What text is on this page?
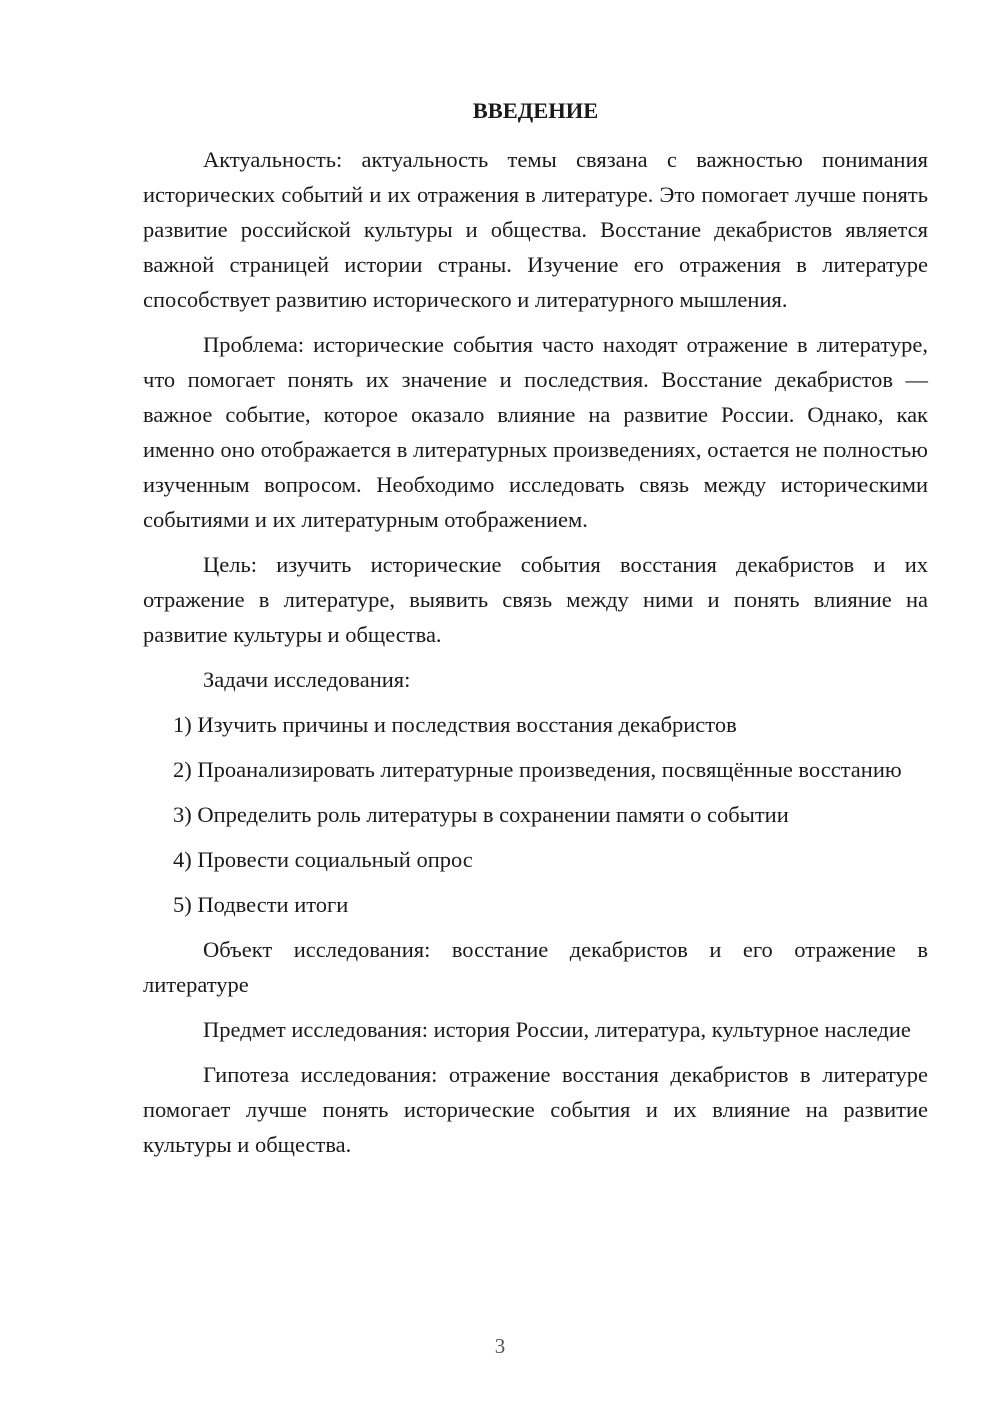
ВВЕДЕНИЕ

Актуальность: актуальность темы связана с важностью понимания исторических событий и их отражения в литературе. Это помогает лучше понять развитие российской культуры и общества. Восстание декабристов является важной страницей истории страны. Изучение его отражения в литературе способствует развитию исторического и литературного мышления.

Проблема: исторические события часто находят отражение в литературе, что помогает понять их значение и последствия. Восстание декабристов — важное событие, которое оказало влияние на развитие России. Однако, как именно оно отображается в литературных произведениях, остается не полностью изученным вопросом. Необходимо исследовать связь между историческими событиями и их литературным отображением.

Цель: изучить исторические события восстания декабристов и их отражение в литературе, выявить связь между ними и понять влияние на развитие культуры и общества.

Задачи исследования:

1) Изучить причины и последствия восстания декабристов

2) Проанализировать литературные произведения, посвящённые восстанию

3) Определить роль литературы в сохранении памяти о событии

4) Провести социальный опрос

5) Подвести итоги

Объект исследования: восстание декабристов и его отражение в литературе

Предмет исследования: история России, литература, культурное наследие

Гипотеза исследования: отражение восстания декабристов в литературе помогает лучше понять исторические события и их влияние на развитие культуры и общества.

3
